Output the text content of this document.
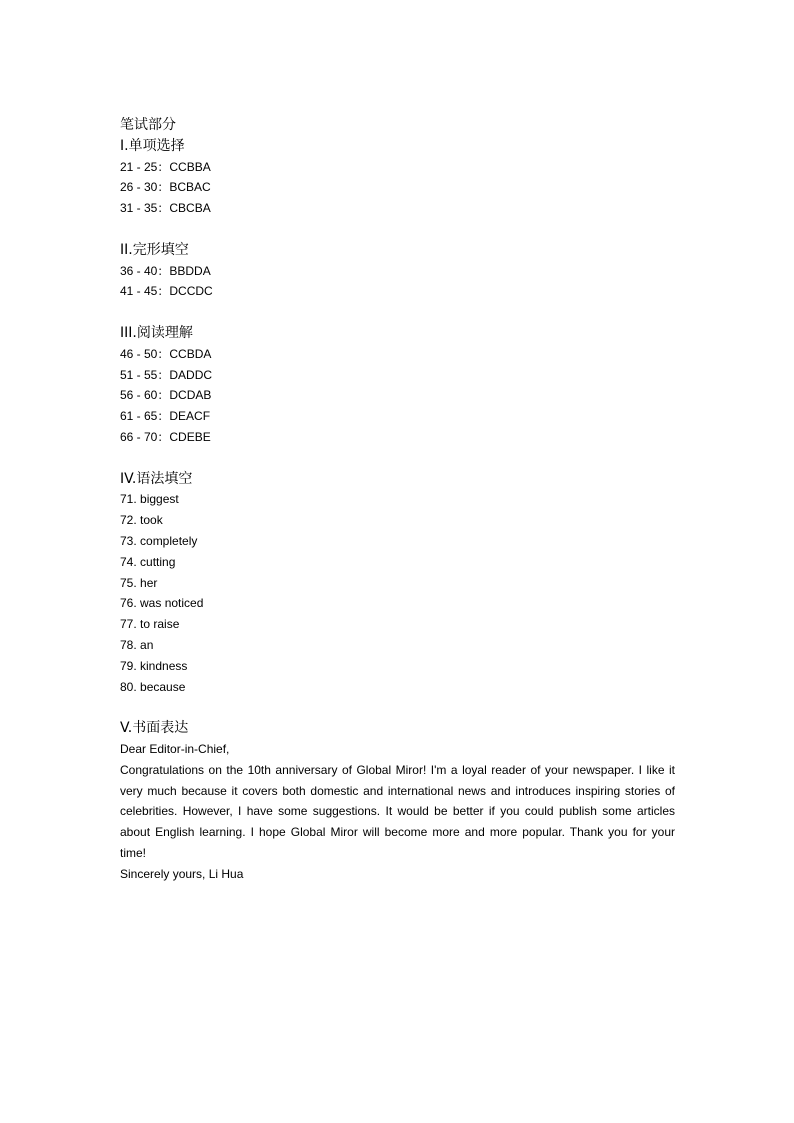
笔试部分
I.单项选择
21 - 25：CCBBA
26 - 30：BCBAC
31 - 35：CBCBA
II.完形填空
36 - 40：BBDDA
41 - 45：DCCDC
III.阅读理解
46 - 50：CCBDA
51 - 55：DADDC
56 - 60：DCDAB
61 - 65：DEACF
66 - 70：CDEBE
IV.语法填空
71. biggest
72. took
73. completely
74. cutting
75. her
76. was noticed
77. to raise
78. an
79. kindness
80. because
V.书面表达

Dear Editor-in-Chief,

Congratulations on the 10th anniversary of Global Miror! I'm a loyal reader of your newspaper. I like it very much because it covers both domestic and international news and introduces inspiring stories of celebrities. However, I have some suggestions. It would be better if you could publish some articles about English learning. I hope Global Miror will become more and more popular. Thank you for your time!

Sincerely yours, Li Hua
